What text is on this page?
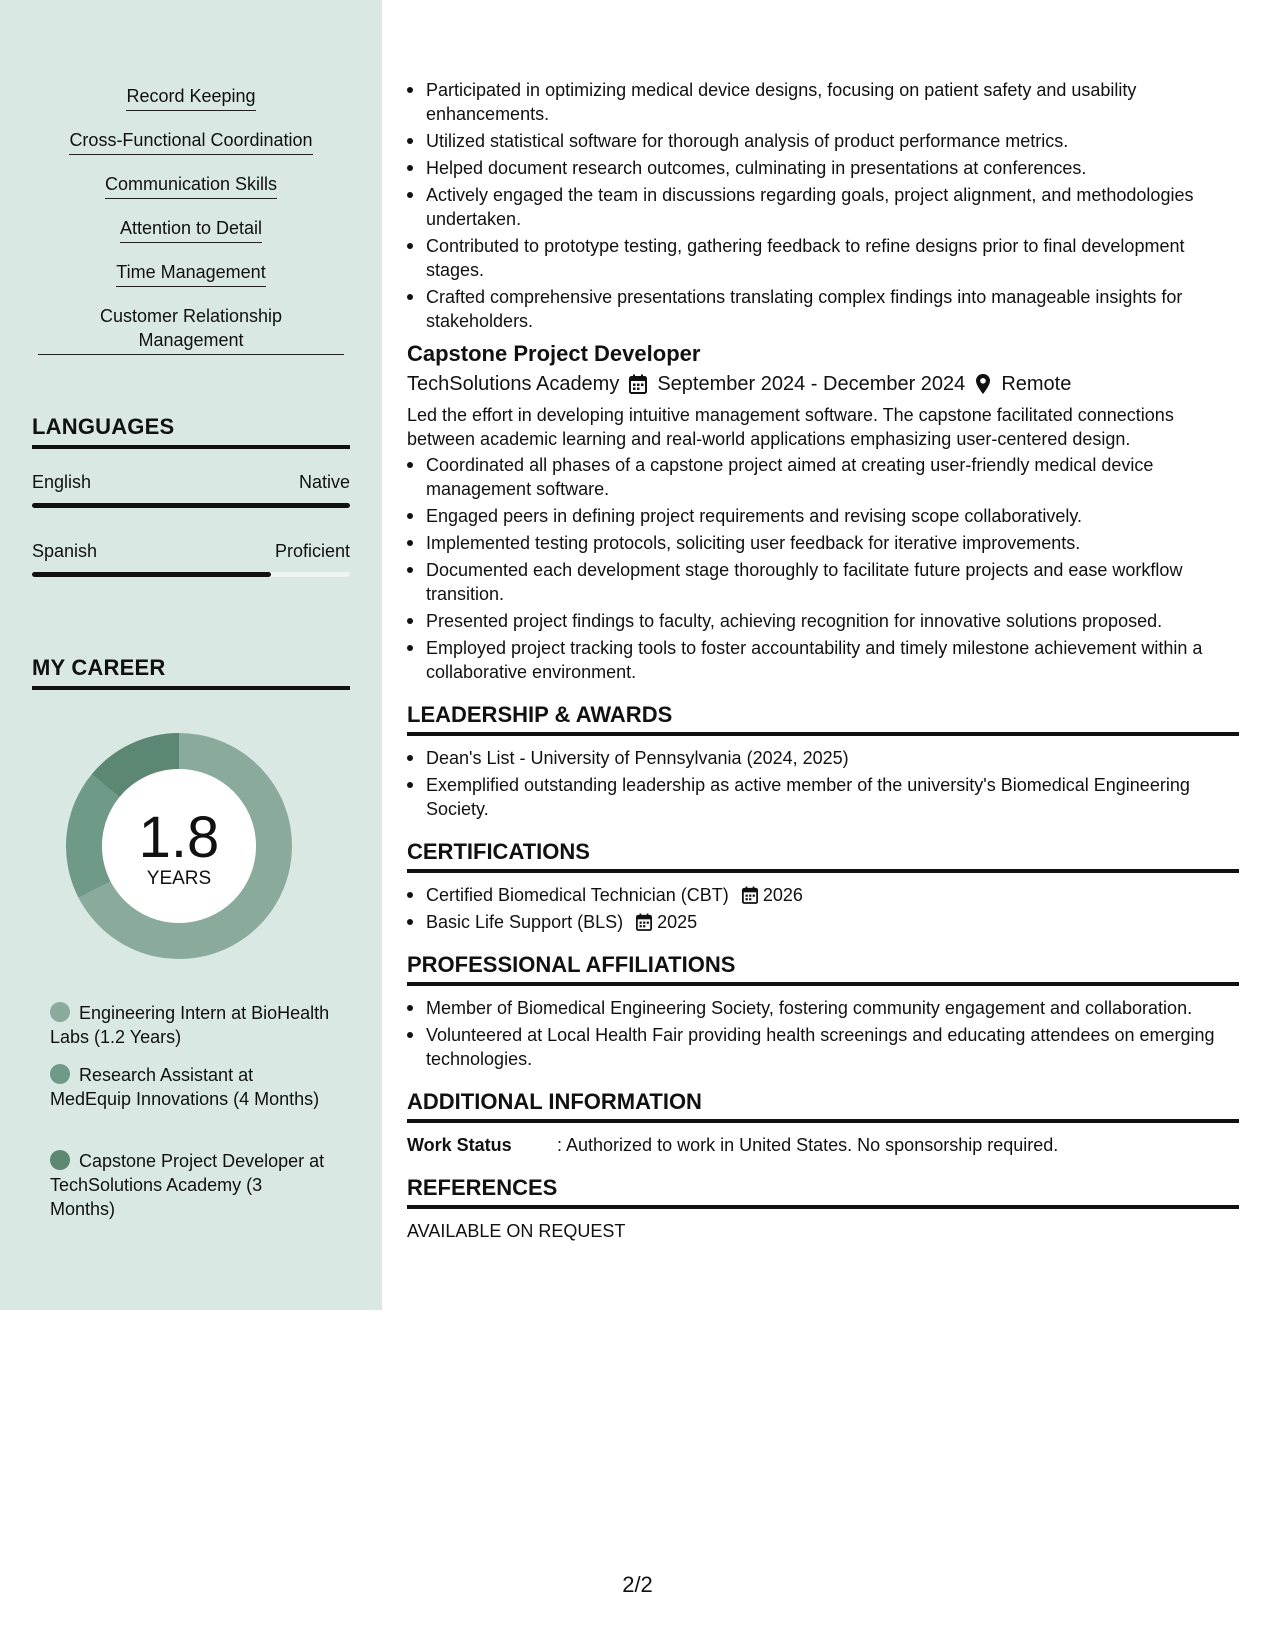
Record Keeping
Cross-Functional Coordination
Communication Skills
Attention to Detail
Time Management
Customer Relationship Management
LANGUAGES
English	Native
Spanish	Proficient
MY CAREER
1.8
YEARS
Engineering Intern at BioHealth Labs (1.2 Years)
Research Assistant at MedEquip Innovations (4 Months)
Capstone Project Developer at TechSolutions Academy (3 Months)
Participated in optimizing medical device designs, focusing on patient safety and usability enhancements.
Utilized statistical software for thorough analysis of product performance metrics.
Helped document research outcomes, culminating in presentations at conferences.
Actively engaged the team in discussions regarding goals, project alignment, and methodologies undertaken.
Contributed to prototype testing, gathering feedback to refine designs prior to final development stages.
Crafted comprehensive presentations translating complex findings into manageable insights for stakeholders.
Capstone Project Developer
TechSolutions Academy September 2024 - December 2024 Remote
Led the effort in developing intuitive management software. The capstone facilitated connections between academic learning and real-world applications emphasizing user-centered design.
Coordinated all phases of a capstone project aimed at creating user-friendly medical device management software.
Engaged peers in defining project requirements and revising scope collaboratively.
Implemented testing protocols, soliciting user feedback for iterative improvements.
Documented each development stage thoroughly to facilitate future projects and ease workflow transition.
Presented project findings to faculty, achieving recognition for innovative solutions proposed.
Employed project tracking tools to foster accountability and timely milestone achievement within a collaborative environment.
LEADERSHIP & AWARDS
Dean's List - University of Pennsylvania (2024, 2025)
Exemplified outstanding leadership as active member of the university's Biomedical Engineering Society.
CERTIFICATIONS
Certified Biomedical Technician (CBT) 2026
Basic Life Support (BLS) 2025
PROFESSIONAL AFFILIATIONS
Member of Biomedical Engineering Society, fostering community engagement and collaboration.
Volunteered at Local Health Fair providing health screenings and educating attendees on emerging technologies.
ADDITIONAL INFORMATION
Work Status	: Authorized to work in United States. No sponsorship required.
REFERENCES
AVAILABLE ON REQUEST
2/2
